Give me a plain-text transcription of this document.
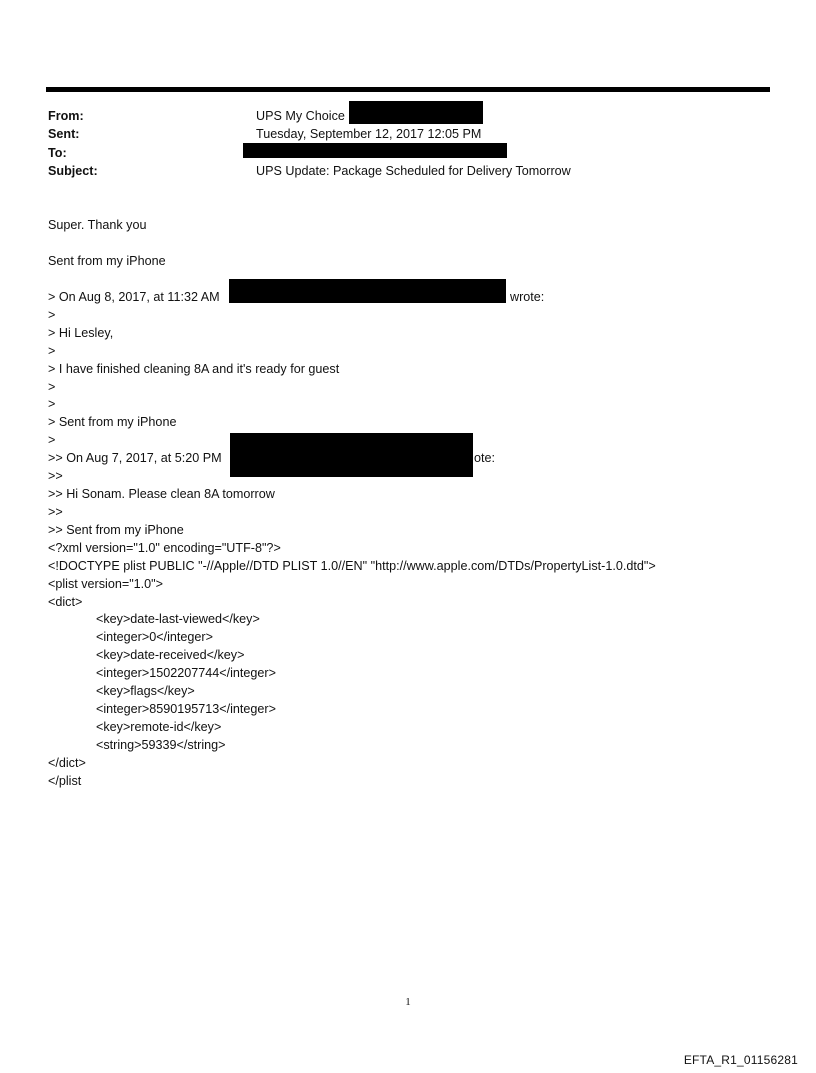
From:	UPS My Choice
Sent:	Tuesday, September 12, 2017 12:05 PM
To:
Subject:	UPS Update: Package Scheduled for Delivery Tomorrow
Super. Thank you
Sent from my iPhone
> On Aug 8, 2017, at 11:32 AM	wrote:
>
> Hi Lesley,
>
> I have finished cleaning 8A and it's ready for guest
>
>
> Sent from my iPhone
>
>> On Aug 7, 2017, at 5:20 PM	ote:
>>
>> Hi Sonam. Please clean 8A tomorrow
>>
>> Sent from my iPhone
<?xml version="1.0" encoding="UTF-8"?>
<!DOCTYPE plist PUBLIC "-//Apple//DTD PLIST 1.0//EN" "http://www.apple.com/DTDs/PropertyList-1.0.dtd">
<plist version="1.0">
<dict>
<key>date-last-viewed</key>
<integer>0</integer>
<key>date-received</key>
<integer>1502207744</integer>
<key>flags</key>
<integer>8590195713</integer>
<key>remote-id</key>
<string>59339</string>
</dict>
</plist
1
EFTA_R1_01156281
